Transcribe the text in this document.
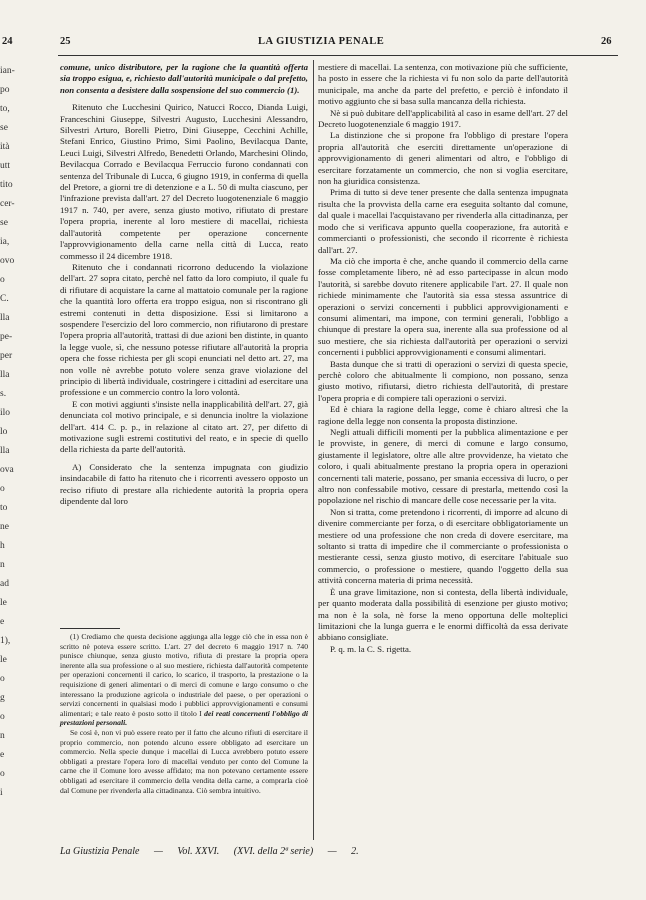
24	25	LA GIUSTIZIA PENALE	26
ian-
po
to,
se
ità
utt
tito
cer-
se
ia,
ovo
o
C.
lla
pe-
per
lla
s.
ilo
lo
lla
ova
o
to
ne
h
n
ad
le
e
1),
le
o
g
o
n
e
o
i

comune, unico distributore, per la ragione che la quantità offerta sia troppo esigua, e, richiesto dall'autorità municipale o dal prefetto, non consenta a desistere dalla sospensione del suo commercio (1).

Ritenuto che Lucchesini Quirico, Natucci Rocco, Dianda Luigi, Franceschini Giuseppe, Silvestri Augusto, Lucchesini Alessandro, Silvestri Arturo, Borelli Pietro, Dini Giuseppe, Cecchini Achille, Stefani Enrico, Giustino Primo, Simi Paolino, Bevilacqua Dante, Leuci Luigi, Silvestri Alfredo, Benedetti Orlando, Marchesini Olindo, Bevilacqua Corrado e Bevilacqua Ferruccio furono condannati con sentenza del Tribunale di Lucca, 6 giugno 1919, in conferma di quella del Pretore, a giorni tre di detenzione e a L. 50 di multa ciascuno, per l'infrazione prevista dall'art. 27 del Decreto luogotenenziale 6 maggio 1917 n. 740, per avere, senza giusto motivo, rifiutato di prestare l'opera propria, inerente al loro mestiere di macellai, richiesta dall'autorità competente per operazione concernente l'approvvigionamento della carne nella città di Lucca, reato commesso il 24 dicembre 1918.

Ritenuto che i condannati ricorrono deducendo la violazione dell'art. 27 sopra citato, perchè nel fatto da loro compiuto, il quale fu di rifiutare di acquistare la carne al mattatoio comunale per la ragione che la quantità loro offerta era troppo esigua, non si riscontrano gli estremi contenuti in detta disposizione. Essi si limitarono a sospendere l'esercizio del loro commercio, non rifiutarono di prestare l'opera propria all'autorità, trattasi di due azioni ben distinte, in quanto la legge vuole, sì, che nessuno potesse rifiutare all'autorità la propria opera che fosse richiesta per gli scopi enunciati nel detto art. 27, ma non volle nè avrebbe potuto volere senza grave violazione del principio di libertà individuale, costringere i cittadini ad esercitare una professione e un commercio contro la loro volontà.

E con motivi aggiunti s'insiste nella inapplicabilità dell'art. 27, già denunciata col motivo principale, e si denuncia inoltre la violazione dell'art. 414 C. p. p., in relazione al citato art. 27, per difetto di motivazione sugli estremi costitutivi del reato, e in specie di quello della richiesta da parte dell'autorità.

A) Considerato che la sentenza impugnata con giudizio insindacabile di fatto ha ritenuto che i ricorrenti avessero opposto un reciso rifiuto di prestare alla richiedente autorità la propria opera dipendente dal loro

(1) Crediamo che questa decisione aggiunga alla legge ciò che in essa non è scritto nè poteva essere scritto. L'art. 27 del decreto 6 maggio 1917 n. 740 punisce chiunque, senza giusto motivo, rifiuta di prestare la propria opera inerente alla sua professione o al suo mestiere, richiesta dall'autorità competente per operazioni concernenti il carico, lo scarico, il trasporto, la prestazione o la requisizione di generi alimentari o di merci di comune e largo consumo o che interessano la produzione agricola o industriale del paese, o per operazioni o servizi concernenti in qualsiasi modo i pubblici approvvigionamenti e consumi alimentari; e tale reato è posto sotto il titolo I dei reati concernenti l'obbligo di prestazioni personali.

Se così è, non vi può essere reato per il fatto che alcuno rifiuti di esercitare il proprio commercio, non potendo alcuno essere obbligato ad esercitare un commercio. Nella specie dunque i macellai di Lucca avrebbero potuto essere obbligati a prestare l'opera loro di macellai venduto per conto del Comune la carne che il Comune loro avesse affidato; ma non potevano certamente essere obbligati ad esercitare il commercio della vendita della carne, a comprarla cioè dal Comune per rivenderla alla cittadinanza. Ciò sembra intuitivo.

mestiere di macellai. La sentenza, con motivazione più che sufficiente, ha posto in essere che la richiesta vi fu non solo da parte dell'autorità municipale, ma anche da parte del prefetto, e perciò è infondato il motivo aggiunto che si basa sulla mancanza della richiesta.

Nè si può dubitare dell'applicabilità al caso in esame dell'art. 27 del Decreto luogotenenziale 6 maggio 1917.

La distinzione che si propone fra l'obbligo di prestare l'opera propria all'autorità che eserciti direttamente un'operazione di approvvigionamento di generi alimentari od altro, e l'obbligo di esercitare forzatamente un commercio, che non si voglia esercitare, non ha giuridica consistenza.

Prima di tutto si deve tener presente che dalla sentenza impugnata risulta che la provvista della carne era eseguita soltanto dal comune, dal quale i macellai l'acquistavano per rivenderla alla cittadinanza, per modo che si verificava appunto quella cooperazione, fra autorità e commercianti o professionisti, che secondo il ricorrente è richiesta dall'art. 27.

Ma ciò che importa è che, anche quando il commercio della carne fosse completamente libero, nè ad esso partecipasse in alcun modo l'autorità, si sarebbe dovuto ritenere applicabile l'art. 27. Il quale non richiede minimamente che l'autorità sia essa stessa assuntrice di operazioni o servizi concernenti i pubblici approvvigionamenti e consumi alimentari, ma impone, con termini generali, l'obbligo a chiunque di prestare la opera sua, inerente alla sua professione od al suo mestiere, che sia richiesta dall'autorità per operazioni o servizi concernenti i pubblici approvvigionamenti e consumi alimentari.

Basta dunque che si tratti di operazioni o servizi di questa specie, perchè coloro che abitualmente li compiono, non possano, senza giusto motivo, rifiutarsi, dietro richiesta dell'autorità, di prestare l'opera propria e di compiere tali operazioni o servizi.

Ed è chiara la ragione della legge, come è chiaro altresì che la ragione della legge non consenta la proposta distinzione.

Negli attuali difficili momenti per la pubblica alimentazione e per le provviste, in genere, di merci di comune e largo consumo, giustamente il legislatore, oltre alle altre provvidenze, ha vietato che coloro, i quali abitualmente prestano la propria opera in operazioni concernenti tali materie, possano, per smania eccessiva di lucro, o per altro non confessabile motivo, cessare di prestarla, mettendo così la popolazione nel rischio di mancare delle cose necessarie per la vita.

Non si tratta, come pretendono i ricorrenti, di imporre ad alcuno di divenire commerciante per forza, o di esercitare obbligatoriamente un mestiere od una professione che non creda di dovere esercitare, ma soltanto si tratta di impedire che il commerciante o professionista o mestierante cessi, senza giusto motivo, di esercitare l'abituale suo commercio, o professione o mestiere, quando l'oggetto della sua attività concerna materia di prima necessità.

È una grave limitazione, non si contesta, della libertà individuale, per quanto moderata dalla possibilità di esenzione per giusto motivo; ma non è la sola, nè forse la meno opportuna delle molteplici limitazioni che la lunga guerra e le enormi difficoltà da essa derivate abbiano consigliate.

P. q. m. la C. S. rigetta.

La Giustizia Penale — Vol. XXVI. (XVI. della 2ª serie) — 2.
